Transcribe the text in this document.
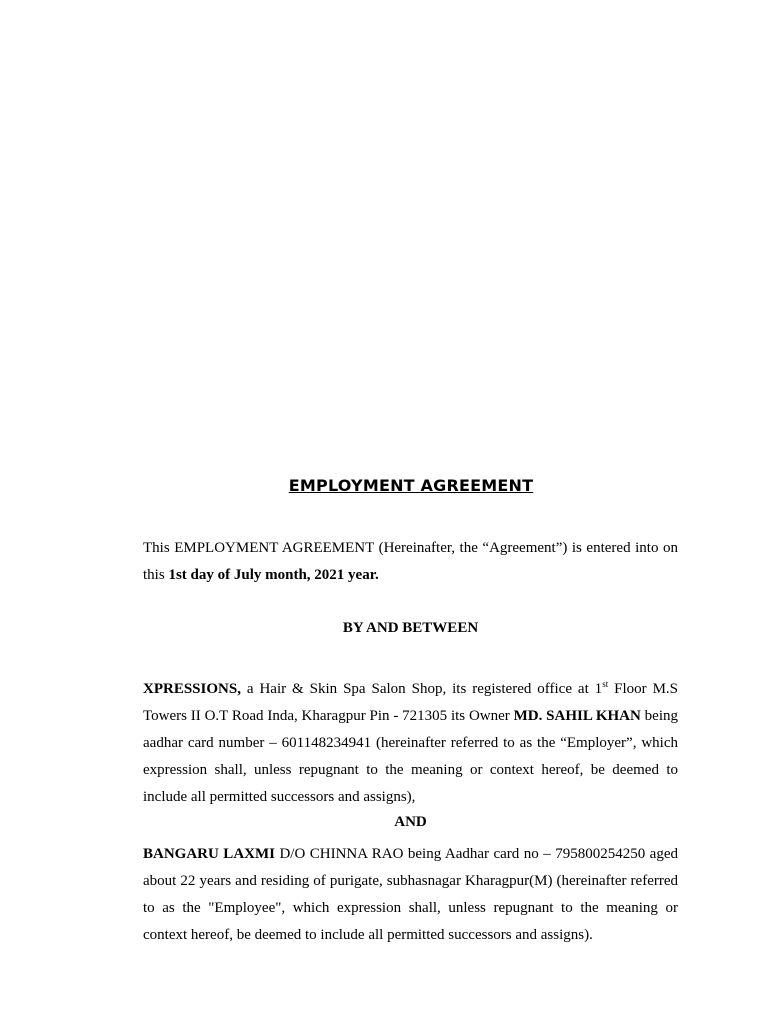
EMPLOYMENT AGREEMENT
This EMPLOYMENT AGREEMENT (Hereinafter, the “Agreement”) is entered into on this 1st day of July month, 2021 year.
BY AND BETWEEN
XPRESSIONS, a Hair & Skin Spa Salon Shop, its registered office at 1st Floor M.S Towers II O.T Road Inda, Kharagpur Pin - 721305 its Owner MD. SAHIL KHAN being aadhar card number – 601148234941 (hereinafter referred to as the “Employer”, which expression shall, unless repugnant to the meaning or context hereof, be deemed to include all permitted successors and assigns),
AND
BANGARU LAXMI D/O CHINNA RAO being Aadhar card no – 795800254250 aged about 22 years and residing of purigate, subhasnagar Kharagpur(M) (hereinafter referred to as the "Employee", which expression shall, unless repugnant to the meaning or context hereof, be deemed to include all permitted successors and assigns).
